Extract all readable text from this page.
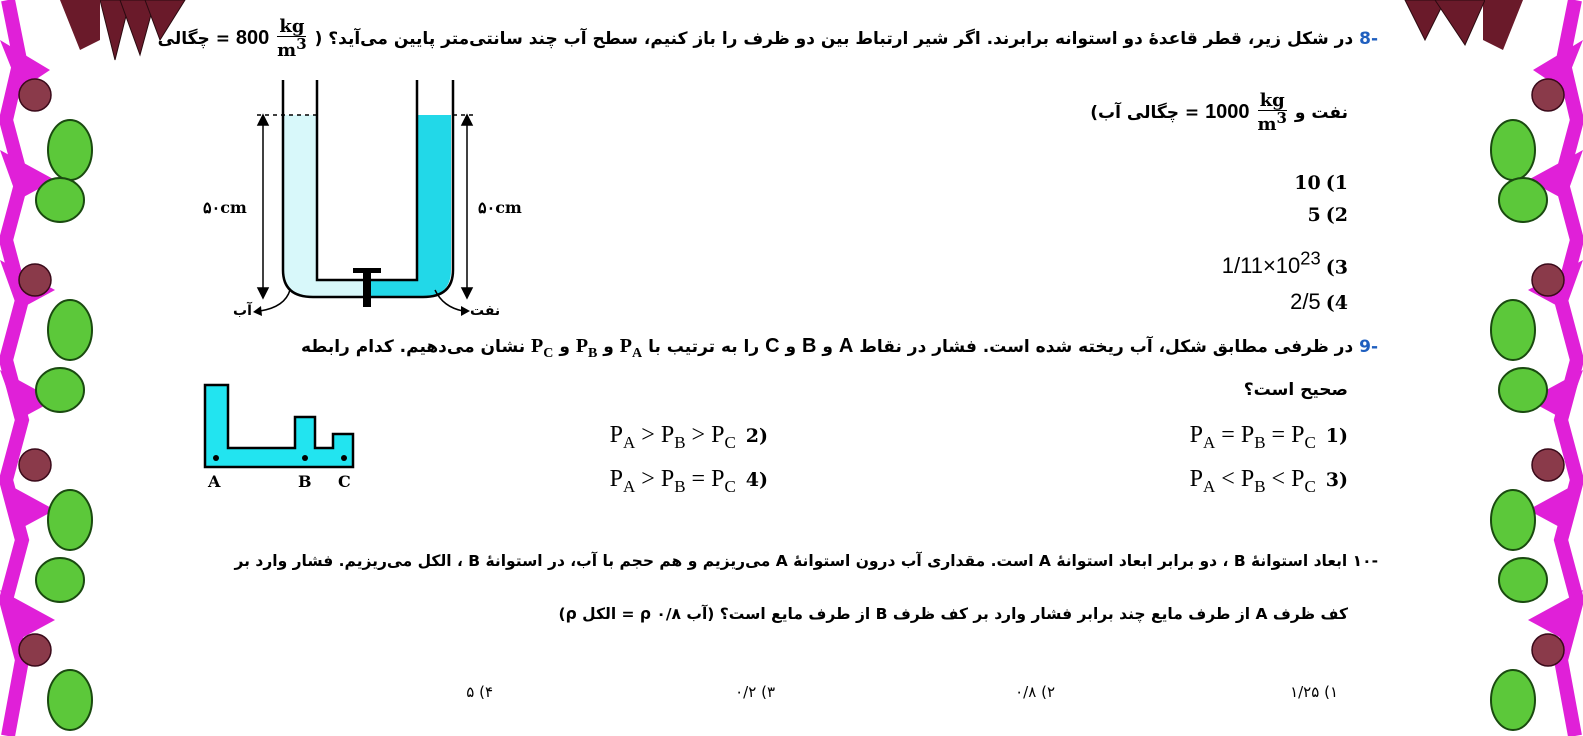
-8 در شکل زیر، قطر قاعدهٔ دو استوانه برابرند. اگر شیر ارتباط بین دو ظرف را باز کنیم، سطح آب چند سانتی‌متر پایین می‌آید؟ (
$\frac{kg}{m^3}$
800 = چگالی
نفت و
$\frac{kg}{m^3}$
1000 = چگالی آب)
1) 10
2) 5
3) $1/11\times 10^{23}$
4) 2/5
۵۰cm	۵۰cm
آب	نفت
-9 در ظرفی مطابق شکل، آب ریخته شده است. فشار در نقاط A و B و C را به ترتیب با $P_A$ و $P_B$ و $P_C$ نشان می‌دهیم. کدام رابطه
صحیح است؟
A	B C
$P_A = P_B = P_C$ 1)
$P_A > P_B > P_C$ 2)
$P_A < P_B < P_C$ 3)
$P_A > P_B = P_C$ 4)
-۱۰ ابعاد استوانهٔ B ، دو برابر ابعاد استوانهٔ A است. مقداری آب درون استوانهٔ A می‌ریزیم و هم حجم با آب، در استوانهٔ B ، الکل می‌ریزیم. فشار وارد بر
کف ظرف A از طرف مایع چند برابر فشار وارد بر کف ظرف B از طرف مایع است؟ (آب ρ ۰/۸ = الکل ρ)
۱) ۱/۲۵
۲) ۰/۸
۳) ۰/۲
۴) ۵
